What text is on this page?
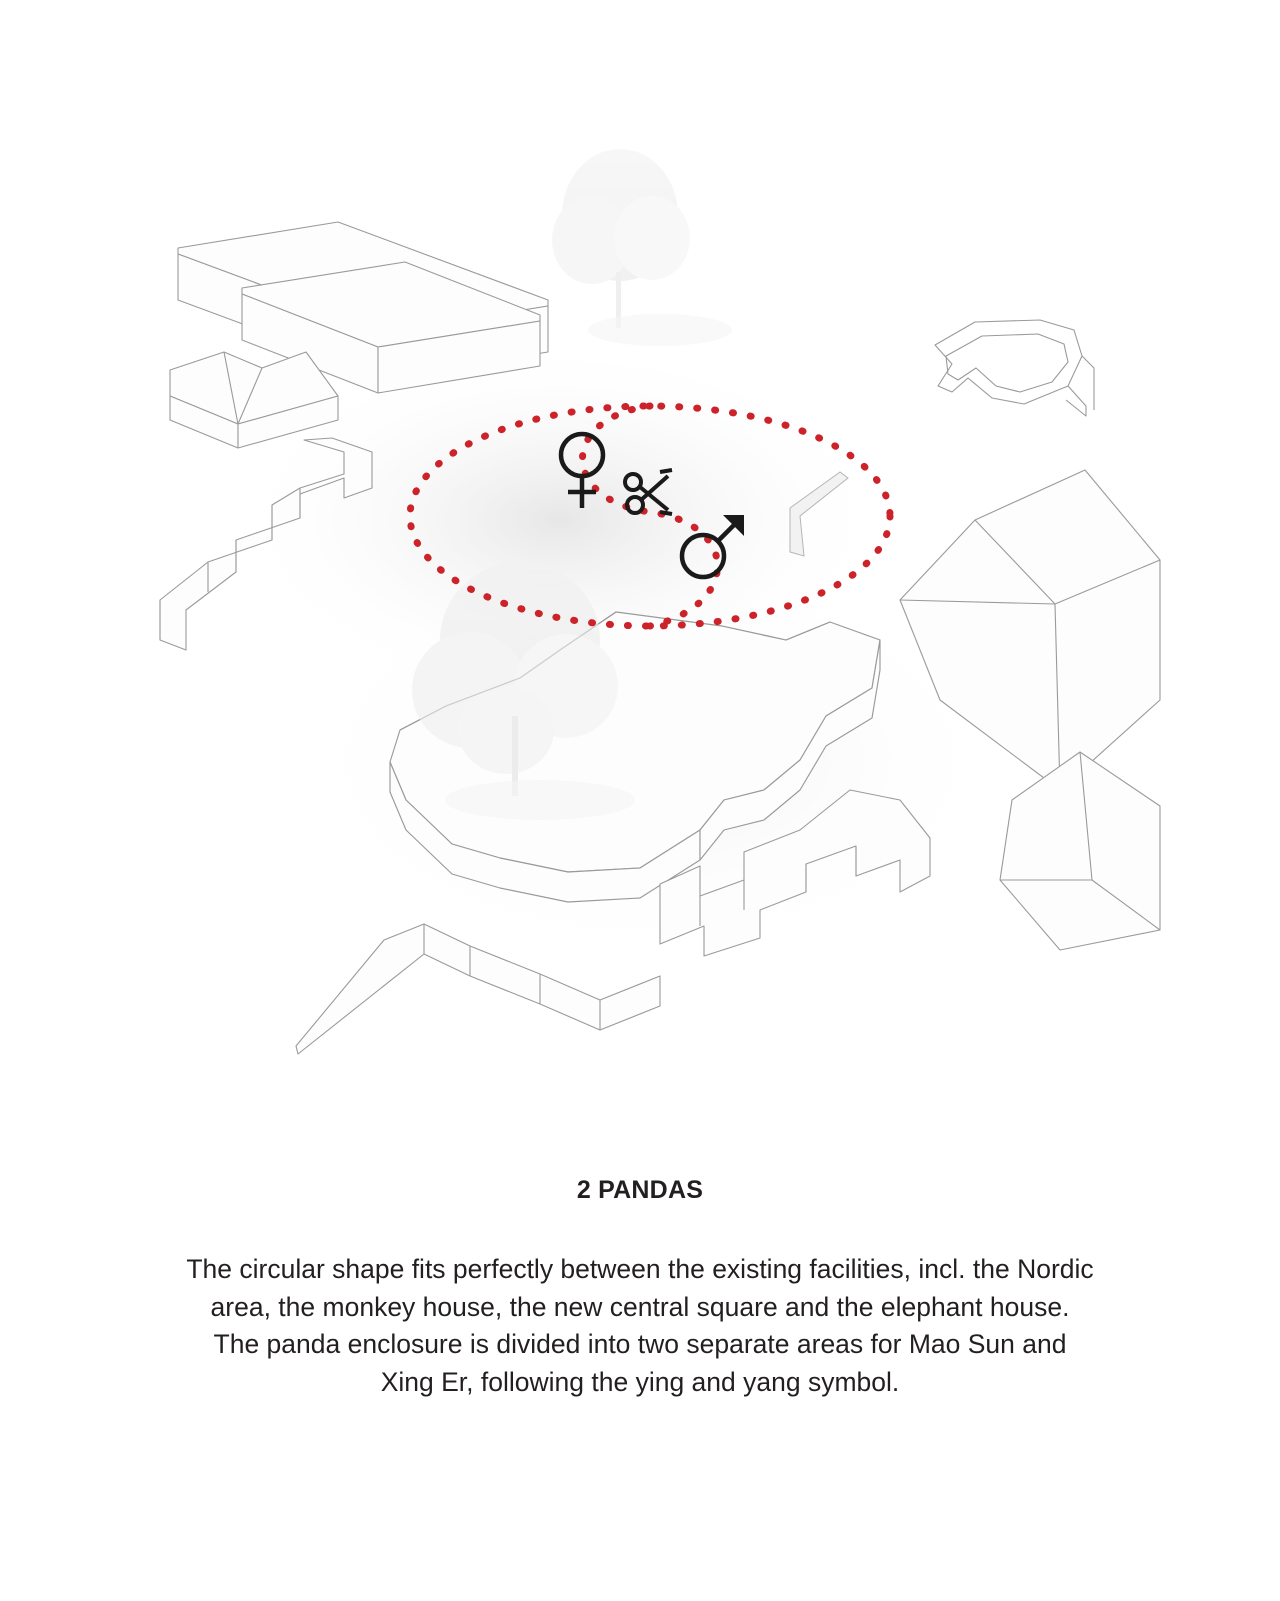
2 PANDAS

The circular shape fits perfectly between the existing facilities, incl. the Nordic area, the monkey house, the new central square and the elephant house. The panda enclosure is divided into two separate areas for Mao Sun and Xing Er, following the ying and yang symbol.
